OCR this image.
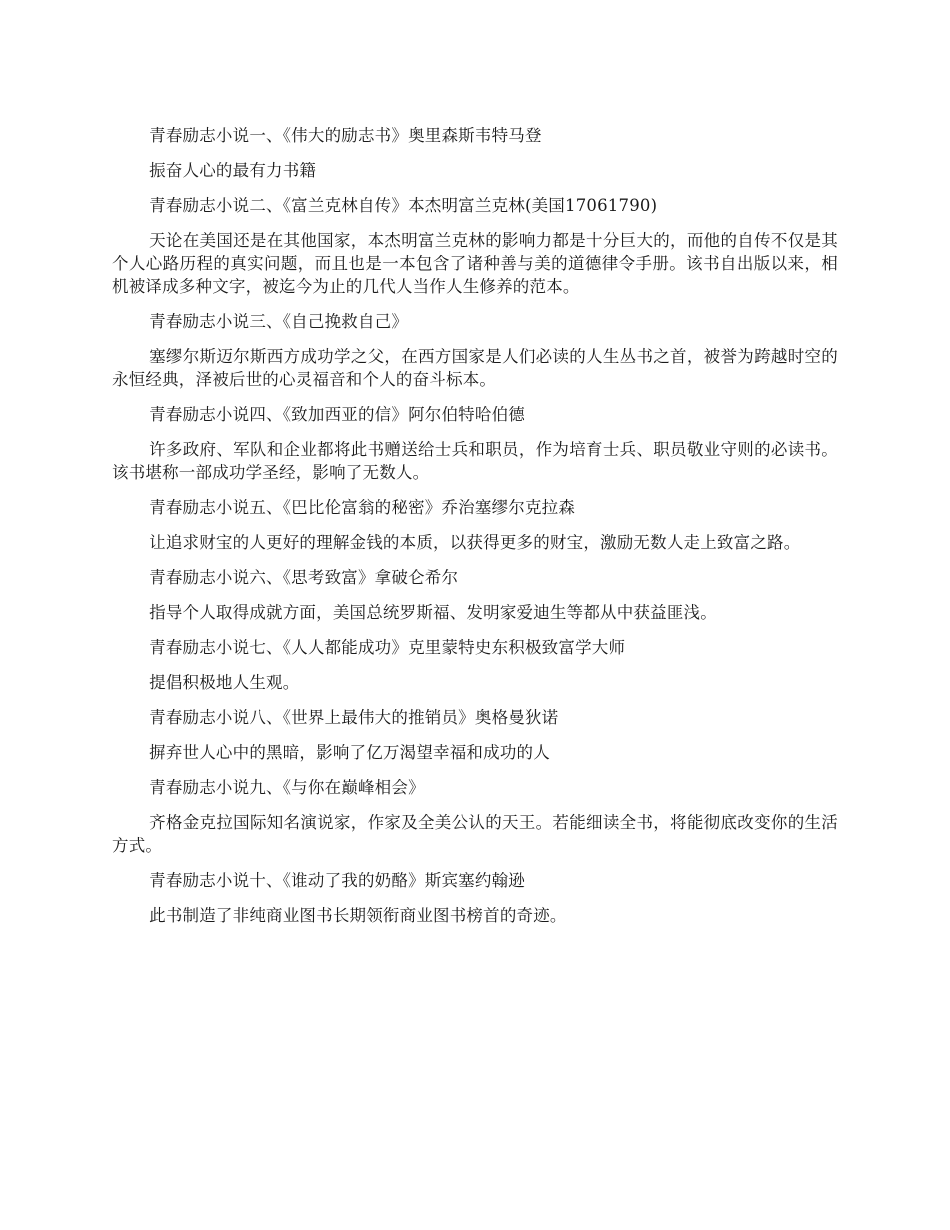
青春励志小说一、《伟大的励志书》奥里森斯韦特马登

振奋人心的最有力书籍

青春励志小说二、《富兰克林自传》本杰明富兰克林(美国17061790)

天论在美国还是在其他国家，本杰明富兰克林的影响力都是十分巨大的，而他的自传不仅是其个人心路历程的真实问题，而且也是一本包含了诸种善与美的道德律令手册。该书自出版以来，相机被译成多种文字，被迄今为止的几代人当作人生修养的范本。

青春励志小说三、《自己挽救自己》

塞缪尔斯迈尔斯西方成功学之父，在西方国家是人们必读的人生丛书之首，被誉为跨越时空的永恒经典，泽被后世的心灵福音和个人的奋斗标本。

青春励志小说四、《致加西亚的信》阿尔伯特哈伯德

许多政府、军队和企业都将此书赠送给士兵和职员，作为培育士兵、职员敬业守则的必读书。该书堪称一部成功学圣经，影响了无数人。

青春励志小说五、《巴比伦富翁的秘密》乔治塞缪尔克拉森

让追求财宝的人更好的理解金钱的本质，以获得更多的财宝，激励无数人走上致富之路。

青春励志小说六、《思考致富》拿破仑希尔

指导个人取得成就方面，美国总统罗斯福、发明家爱迪生等都从中获益匪浅。

青春励志小说七、《人人都能成功》克里蒙特史东积极致富学大师

提倡积极地人生观。

青春励志小说八、《世界上最伟大的推销员》奥格曼狄诺

摒弃世人心中的黑暗，影响了亿万渴望幸福和成功的人

青春励志小说九、《与你在巅峰相会》

齐格金克拉国际知名演说家，作家及全美公认的天王。若能细读全书，将能彻底改变你的生活方式。

青春励志小说十、《谁动了我的奶酪》斯宾塞约翰逊

此书制造了非纯商业图书长期领衔商业图书榜首的奇迹。
